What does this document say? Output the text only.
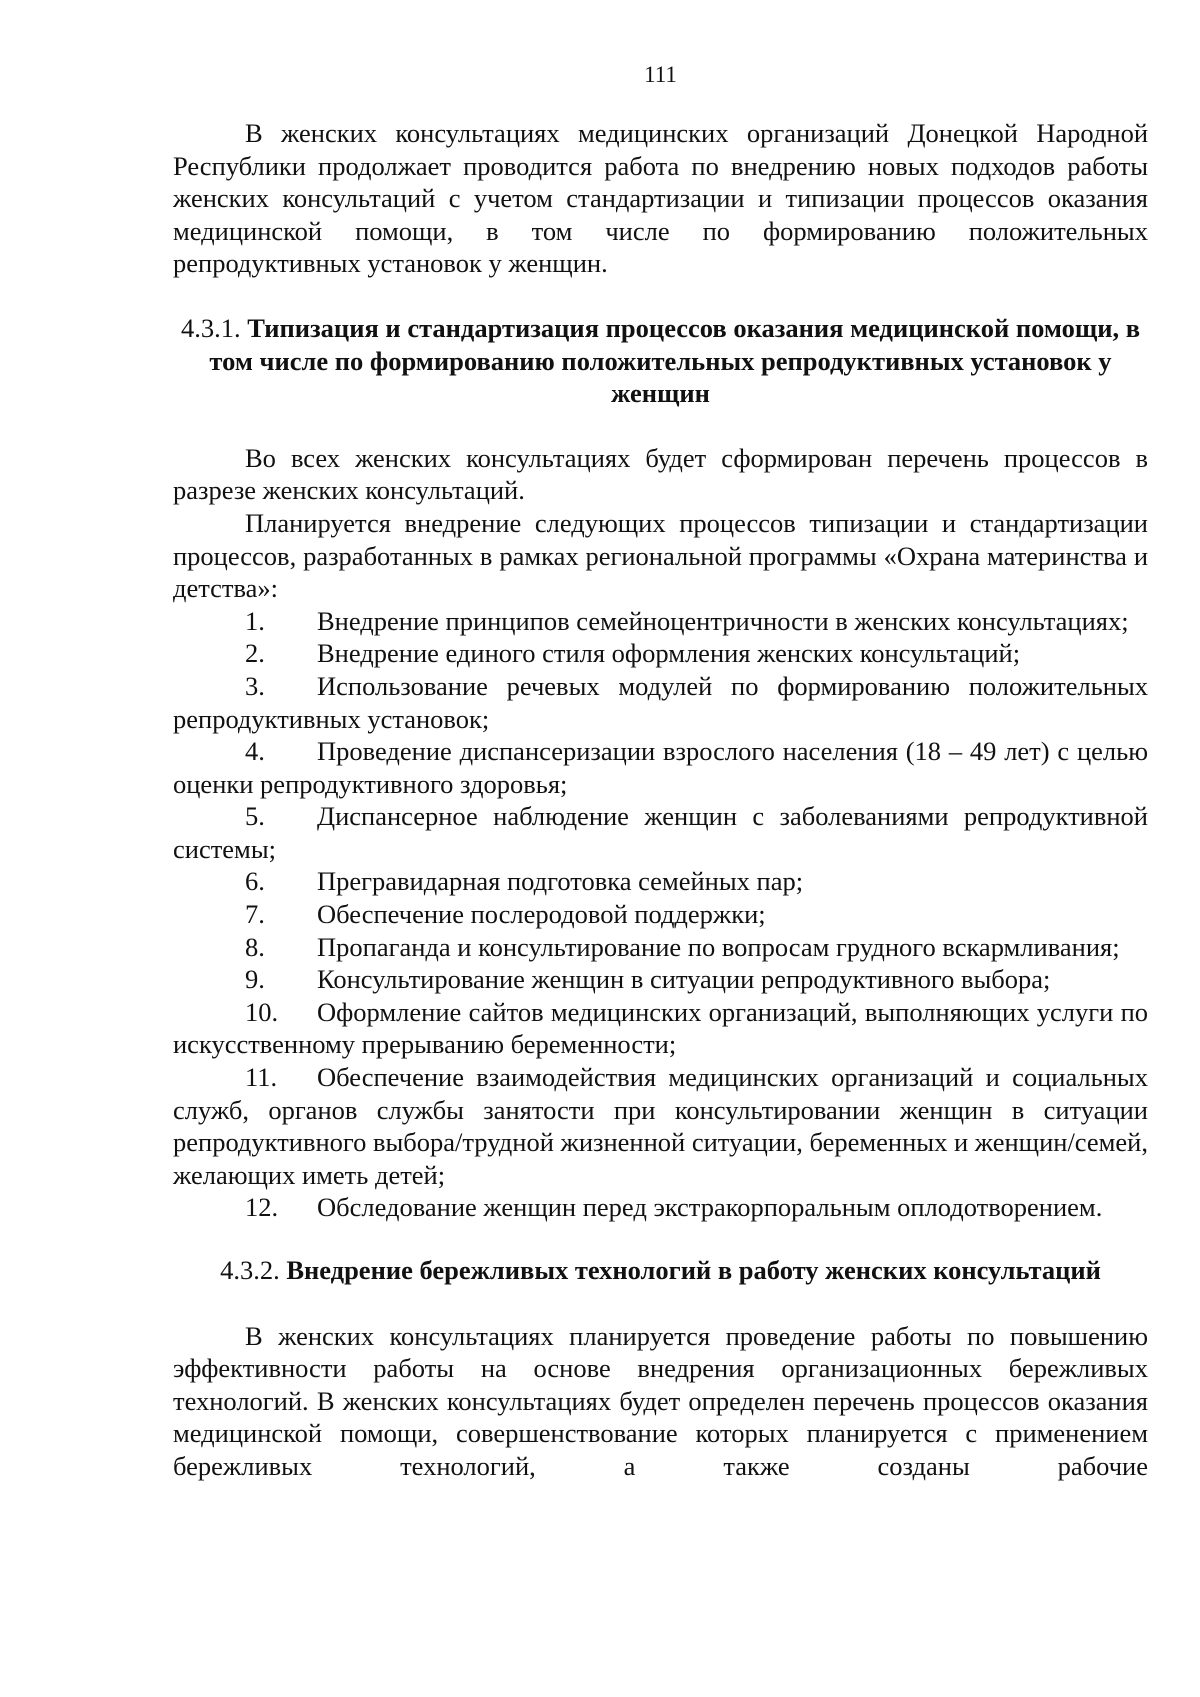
111

В женских консультациях медицинских организаций Донецкой Народной Республики продолжает проводится работа по внедрению новых подходов работы женских консультаций с учетом стандартизации и типизации процессов оказания медицинской помощи, в том числе по формированию положительных репродуктивных установок у женщин.

4.3.1. Типизация и стандартизация процессов оказания медицинской помощи, в том числе по формированию положительных репродуктивных установок у женщин

Во всех женских консультациях будет сформирован перечень процессов в разрезе женских консультаций.

Планируется внедрение следующих процессов типизации и стандартизации процессов, разработанных в рамках региональной программы «Охрана материнства и детства»:

1. Внедрение принципов семейноцентричности в женских консультациях;

2. Внедрение единого стиля оформления женских консультаций;

3. Использование речевых модулей по формированию положительных репродуктивных установок;

4. Проведение диспансеризации взрослого населения (18 – 49 лет) с целью оценки репродуктивного здоровья;

5. Диспансерное наблюдение женщин с заболеваниями репродуктивной системы;

6. Прегравидарная подготовка семейных пар;

7. Обеспечение послеродовой поддержки;

8. Пропаганда и консультирование по вопросам грудного вскармливания;

9. Консультирование женщин в ситуации репродуктивного выбора;

10. Оформление сайтов медицинских организаций, выполняющих услуги по искусственному прерыванию беременности;

11. Обеспечение взаимодействия медицинских организаций и социальных служб, органов службы занятости при консультировании женщин в ситуации репродуктивного выбора/трудной жизненной ситуации, беременных и женщин/семей, желающих иметь детей;

12. Обследование женщин перед экстракорпоральным оплодотворением.

4.3.2. Внедрение бережливых технологий в работу женских консультаций

В женских консультациях планируется проведение работы по повышению эффективности работы на основе внедрения организационных бережливых технологий. В женских консультациях будет определен перечень процессов оказания медицинской помощи, совершенствование которых планируется с применением бережливых технологий, а также созданы рабочие
